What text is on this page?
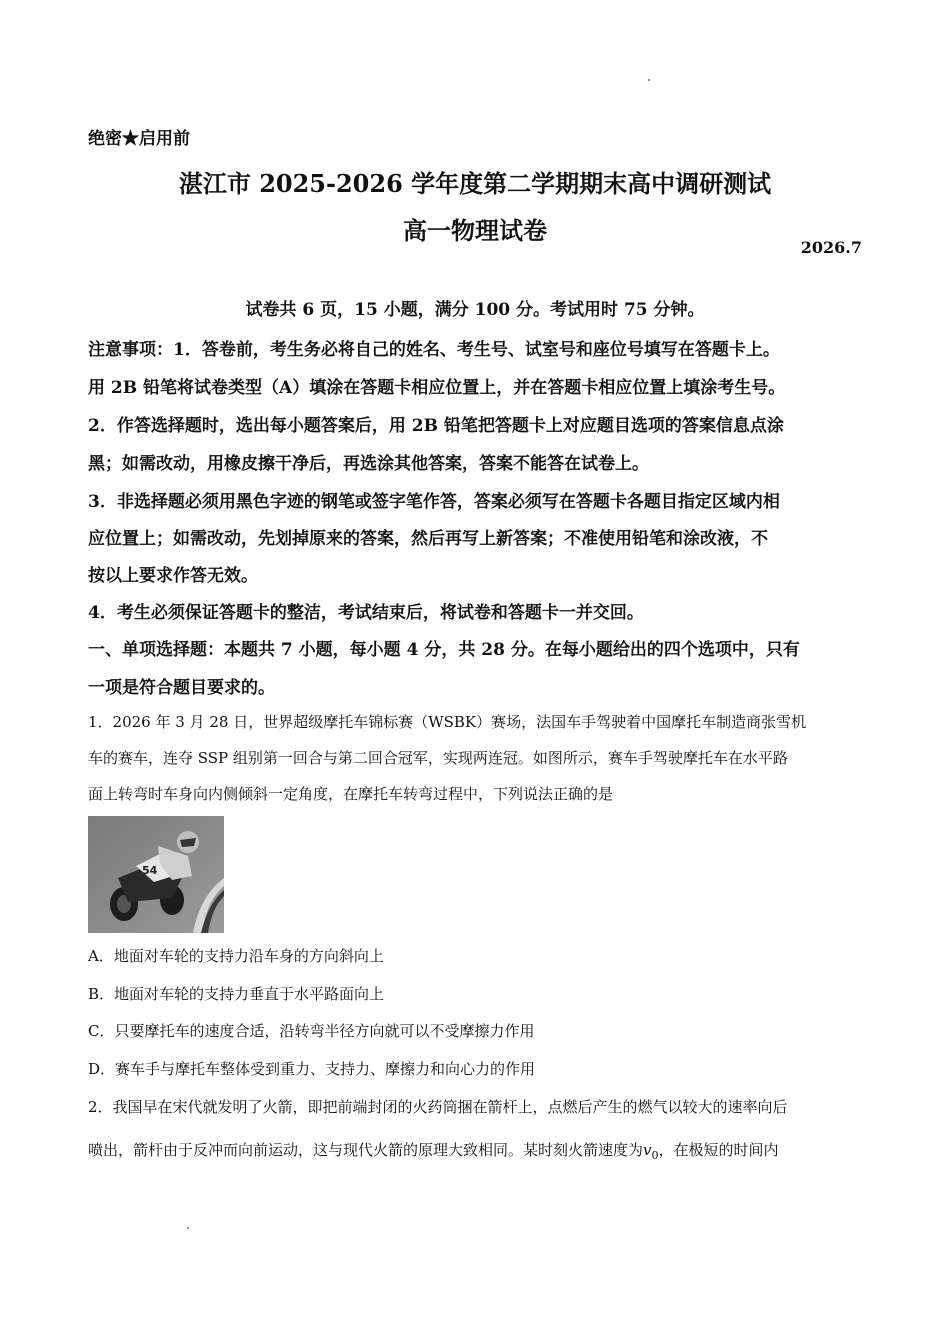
绝密★启用前
湛江市 2025-2026 学年度第二学期期末高中调研测试
高一物理试卷
2026.7
试卷共 6 页，15 小题，满分 100 分。考试用时 75 分钟。
注意事项：1．答卷前，考生务必将自己的姓名、考生号、试室号和座位号填写在答题卡上。
用 2B 铅笔将试卷类型（A）填涂在答题卡相应位置上，并在答题卡相应位置上填涂考生号。
2．作答选择题时，选出每小题答案后，用 2B 铅笔把答题卡上对应题目选项的答案信息点涂
黑；如需改动，用橡皮擦干净后，再选涂其他答案，答案不能答在试卷上。
3．非选择题必须用黑色字迹的钢笔或签字笔作答，答案必须写在答题卡各题目指定区域内相
应位置上；如需改动，先划掉原来的答案，然后再写上新答案；不准使用铅笔和涂改液，不
按以上要求作答无效。
4．考生必须保证答题卡的整洁，考试结束后，将试卷和答题卡一并交回。
一、单项选择题：本题共 7 小题，每小题 4 分，共 28 分。在每小题给出的四个选项中，只有
一项是符合题目要求的。
1．2026 年 3 月 28 日，世界超级摩托车锦标赛（WSBK）赛场，法国车手驾驶着中国摩托车制造商张雪机
车的赛车，连夺 SSP 组别第一回合与第二回合冠军，实现两连冠。如图所示，赛车手驾驶摩托车在水平路
面上转弯时车身向内侧倾斜一定角度，在摩托车转弯过程中，下列说法正确的是
54
A．地面对车轮的支持力沿车身的方向斜向上
B．地面对车轮的支持力垂直于水平路面向上
C．只要摩托车的速度合适，沿转弯半径方向就可以不受摩擦力作用
D．赛车手与摩托车整体受到重力、支持力、摩擦力和向心力的作用
2．我国早在宋代就发明了火箭，即把前端封闭的火药筒捆在箭杆上，点燃后产生的燃气以较大的速率向后
喷出，箭杆由于反冲而向前运动，这与现代火箭的原理大致相同。某时刻火箭速度为$v_0$，在极短的时间内
